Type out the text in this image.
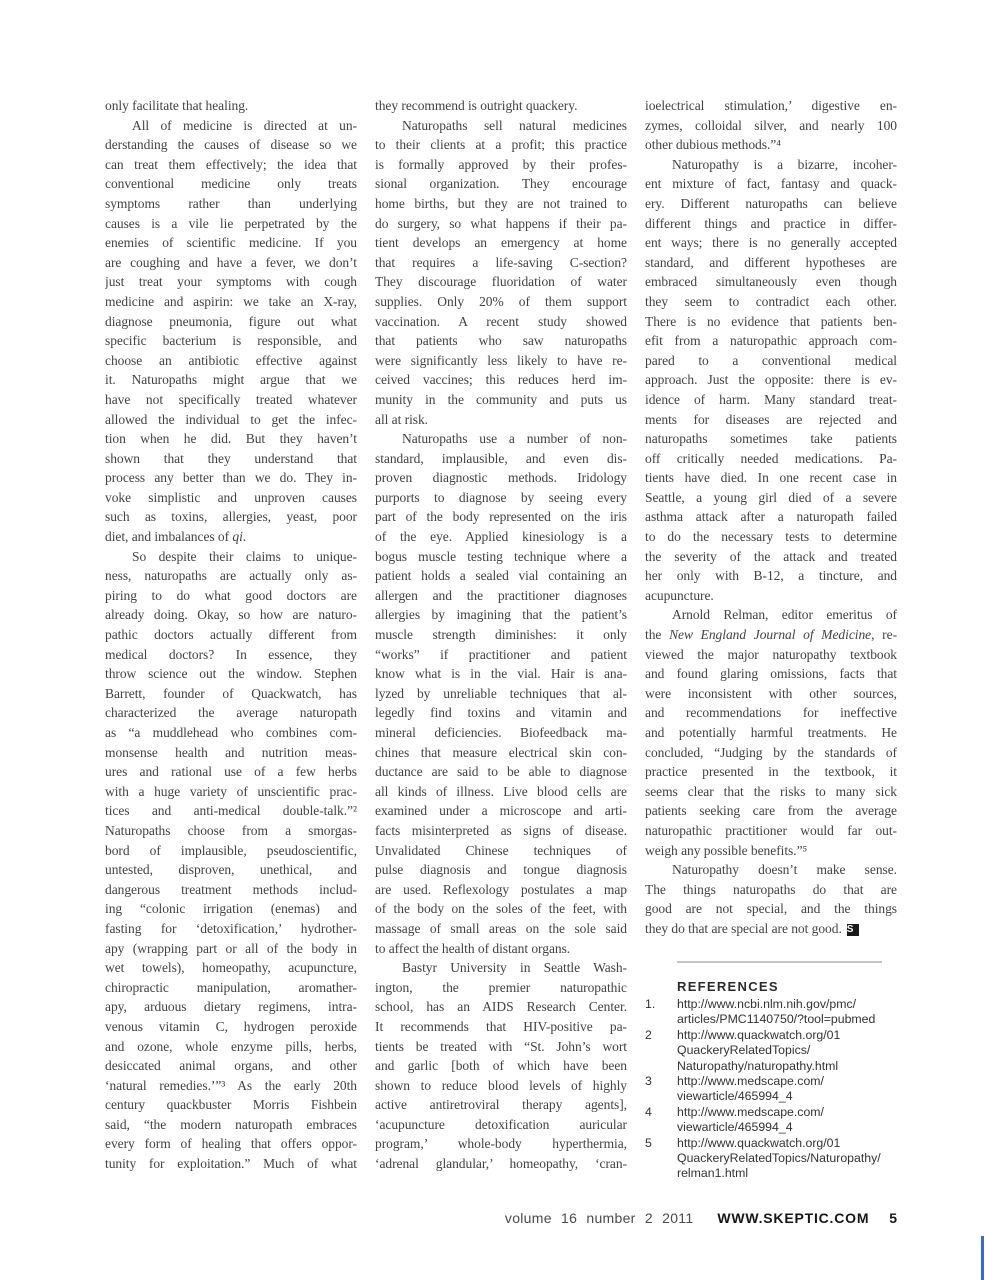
only facilitate that healing.
All of medicine is directed at un-
derstanding the causes of disease so we
can treat them effectively; the idea that
conventional medicine only treats
symptoms rather than underlying
causes is a vile lie perpetrated by the
enemies of scientific medicine. If you
are coughing and have a fever, we don’t
just treat your symptoms with cough
medicine and aspirin: we take an X-ray,
diagnose pneumonia, figure out what
specific bacterium is responsible, and
choose an antibiotic effective against
it. Naturopaths might argue that we
have not specifically treated whatever
allowed the individual to get the infec-
tion when he did. But they haven’t
shown that they understand that
process any better than we do. They in-
voke simplistic and unproven causes
such as toxins, allergies, yeast, poor
diet, and imbalances of qi.
So despite their claims to unique-
ness, naturopaths are actually only as-
piring to do what good doctors are
already doing. Okay, so how are naturo-
pathic doctors actually different from
medical doctors? In essence, they
throw science out the window. Stephen
Barrett, founder of Quackwatch, has
characterized the average naturopath
as “a muddlehead who combines com-
monsense health and nutrition meas-
ures and rational use of a few herbs
with a huge variety of unscientific prac-
tices and anti-medical double-talk.”²
Naturopaths choose from a smorgas-
bord of implausible, pseudoscientific,
untested, disproven, unethical, and
dangerous treatment methods includ-
ing “colonic irrigation (enemas) and
fasting for ‘detoxification,’ hydrother-
apy (wrapping part or all of the body in
wet towels), homeopathy, acupuncture,
chiropractic manipulation, aromather-
apy, arduous dietary regimens, intra-
venous vitamin C, hydrogen peroxide
and ozone, whole enzyme pills, herbs,
desiccated animal organs, and other
‘natural remedies.’”³ As the early 20th
century quackbuster Morris Fishbein
said, “the modern naturopath embraces
every form of healing that offers oppor-
tunity for exploitation.” Much of what
they recommend is outright quackery.
Naturopaths sell natural medicines
to their clients at a profit; this practice
is formally approved by their profes-
sional organization. They encourage
home births, but they are not trained to
do surgery, so what happens if their pa-
tient develops an emergency at home
that requires a life-saving C-section?
They discourage fluoridation of water
supplies. Only 20% of them support
vaccination. A recent study showed
that patients who saw naturopaths
were significantly less likely to have re-
ceived vaccines; this reduces herd im-
munity in the community and puts us
all at risk.
Naturopaths use a number of non-
standard, implausible, and even dis-
proven diagnostic methods. Iridology
purports to diagnose by seeing every
part of the body represented on the iris
of the eye. Applied kinesiology is a
bogus muscle testing technique where a
patient holds a sealed vial containing an
allergen and the practitioner diagnoses
allergies by imagining that the patient’s
muscle strength diminishes: it only
“works” if practitioner and patient
know what is in the vial. Hair is ana-
lyzed by unreliable techniques that al-
legedly find toxins and vitamin and
mineral deficiencies. Biofeedback ma-
chines that measure electrical skin con-
ductance are said to be able to diagnose
all kinds of illness. Live blood cells are
examined under a microscope and arti-
facts misinterpreted as signs of disease.
Unvalidated Chinese techniques of
pulse diagnosis and tongue diagnosis
are used. Reflexology postulates a map
of the body on the soles of the feet, with
massage of small areas on the sole said
to affect the health of distant organs.
Bastyr University in Seattle Wash-
ington, the premier naturopathic
school, has an AIDS Research Center.
It recommends that HIV-positive pa-
tients be treated with “St. John’s wort
and garlic [both of which have been
shown to reduce blood levels of highly
active antiretroviral therapy agents],
‘acupuncture detoxification auricular
program,’ whole-body hyperthermia,
‘adrenal glandular,’ homeopathy, ‘cran-
ioelectrical stimulation,’ digestive en-
zymes, colloidal silver, and nearly 100
other dubious methods.”⁴
Naturopathy is a bizarre, incoher-
ent mixture of fact, fantasy and quack-
ery. Different naturopaths can believe
different things and practice in differ-
ent ways; there is no generally accepted
standard, and different hypotheses are
embraced simultaneously even though
they seem to contradict each other.
There is no evidence that patients ben-
efit from a naturopathic approach com-
pared to a conventional medical
approach. Just the opposite: there is ev-
idence of harm. Many standard treat-
ments for diseases are rejected and
naturopaths sometimes take patients
off critically needed medications. Pa-
tients have died. In one recent case in
Seattle, a young girl died of a severe
asthma attack after a naturopath failed
to do the necessary tests to determine
the severity of the attack and treated
her only with B-12, a tincture, and
acupuncture.
Arnold Relman, editor emeritus of
the New England Journal of Medicine, re-
viewed the major naturopathy textbook
and found glaring omissions, facts that
were inconsistent with other sources,
and recommendations for ineffective
and potentially harmful treatments. He
concluded, “Judging by the standards of
practice presented in the textbook, it
seems clear that the risks to many sick
patients seeking care from the average
naturopathic practitioner would far out-
weigh any possible benefits.”⁵
Naturopathy doesn’t make sense.
The things naturopaths do that are
good are not special, and the things
they do that are special are not good. S
REFERENCES
1.	http://www.ncbi.nlm.nih.gov/pmc/
articles/PMC1140750/?tool=pubmed
2	http://www.quackwatch.org/01
QuackeryRelatedTopics/
Naturopathy/naturopathy.html
3	http://www.medscape.com/
viewarticle/465994_4
4	http://www.medscape.com/
viewarticle/465994_4
5	http://www.quackwatch.org/01
QuackeryRelatedTopics/Naturopathy/
relman1.html
volume 16 number 2 2011 WWW.SKEPTIC.COM 5
